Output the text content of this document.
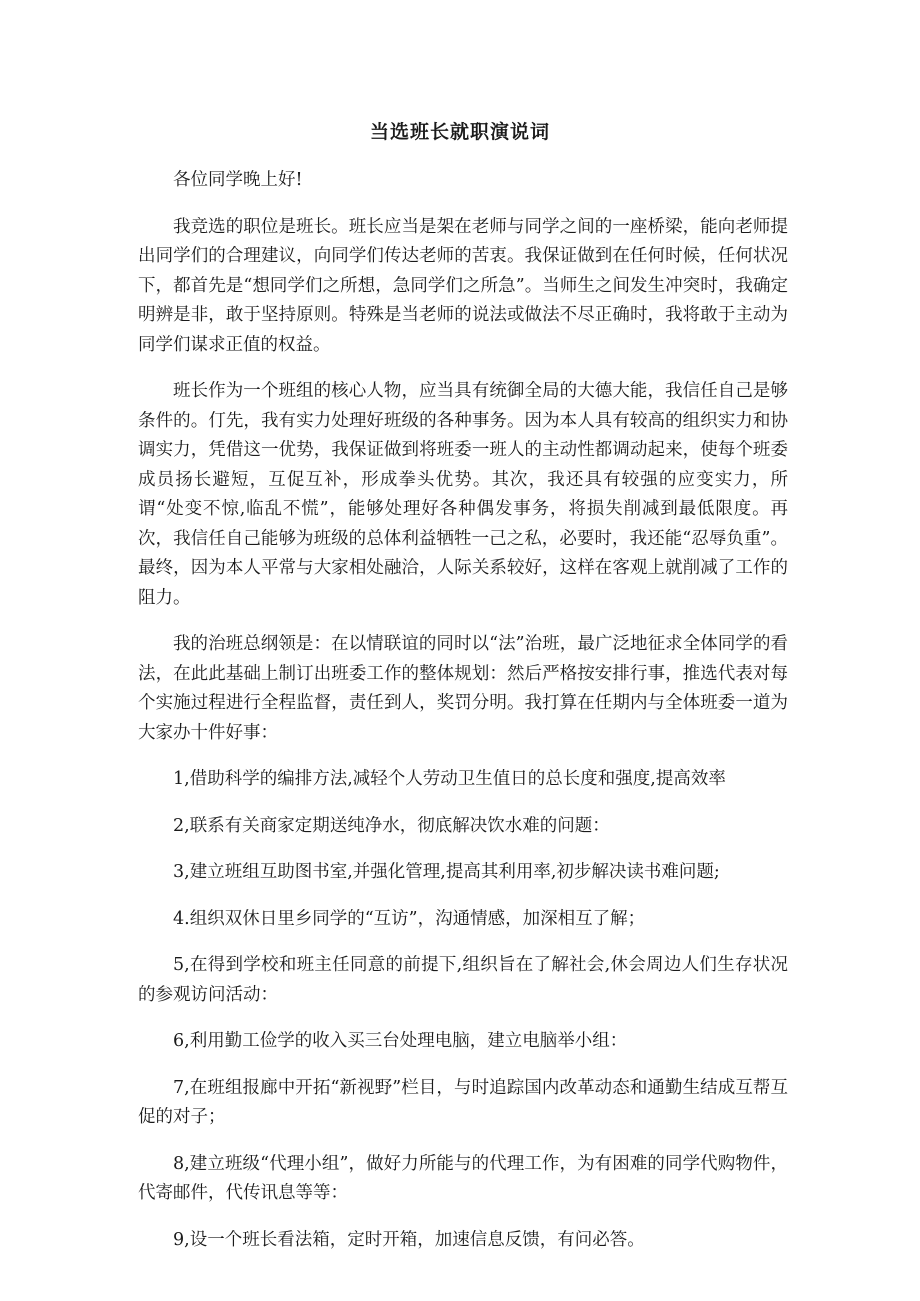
当选班长就职演说词

各位同学晚上好!

我竞选的职位是班长。班长应当是架在老师与同学之间的一座桥梁，能向老师提出同学们的合理建议，向同学们传达老师的苦衷。我保证做到在任何时候，任何状况下，都首先是“想同学们之所想，急同学们之所急”。当师生之间发生冲突时，我确定明辨是非，敢于坚持原则。特殊是当老师的说法或做法不尽正确时，我将敢于主动为同学们谋求正值的权益。

班长作为一个班组的核心人物，应当具有统御全局的大德大能，我信任自己是够条件的。仃先，我有实力处理好班级的各种事务。因为本人具有较高的组织实力和协调实力，凭借这一优势，我保证做到将班委一班人的主动性都调动起来，使每个班委成员扬长避短，互促互补，形成拳头优势。其次，我还具有较强的应变实力，所谓“处变不惊,临乱不慌”，能够处理好各种偶发事务，将损失削减到最低限度。再次，我信任自己能够为班级的总体利益牺牲一己之私，必要时，我还能“忍辱负重”。最终，因为本人平常与大家相处融洽，人际关系较好，这样在客观上就削减了工作的阻力。

我的治班总纲领是：在以情联谊的同时以“法”治班，最广泛地征求全体同学的看法，在此此基础上制订出班委工作的整体规划：然后严格按安排行事，推选代表对每个实施过程进行全程监督，责任到人，奖罚分明。我打算在任期内与全体班委一道为大家办十件好事：

1,借助科学的编排方法,减轻个人劳动卫生值日的总长度和强度,提高效率

2,联系有关商家定期送纯净水，彻底解决饮水难的问题：

3,建立班组互助图书室,并强化管理,提高其利用率,初步解决读书难问题;

4.组织双休日里乡同学的“互访”，沟通情感，加深相互了解；

5,在得到学校和班主任同意的前提下,组织旨在了解社会,休会周边人们生存状况的参观访问活动：

6,利用勤工俭学的收入买三台处理电脑，建立电脑举小组：

7,在班组报廊中开拓“新视野”栏目，与时追踪国内改革动态和通勤生结成互帮互促的对子；

8,建立班级“代理小组”，做好力所能与的代理工作，为有困难的同学代购物件，代寄邮件，代传讯息等等：

9,设一个班长看法箱，定时开箱，加速信息反馈，有问必答。
